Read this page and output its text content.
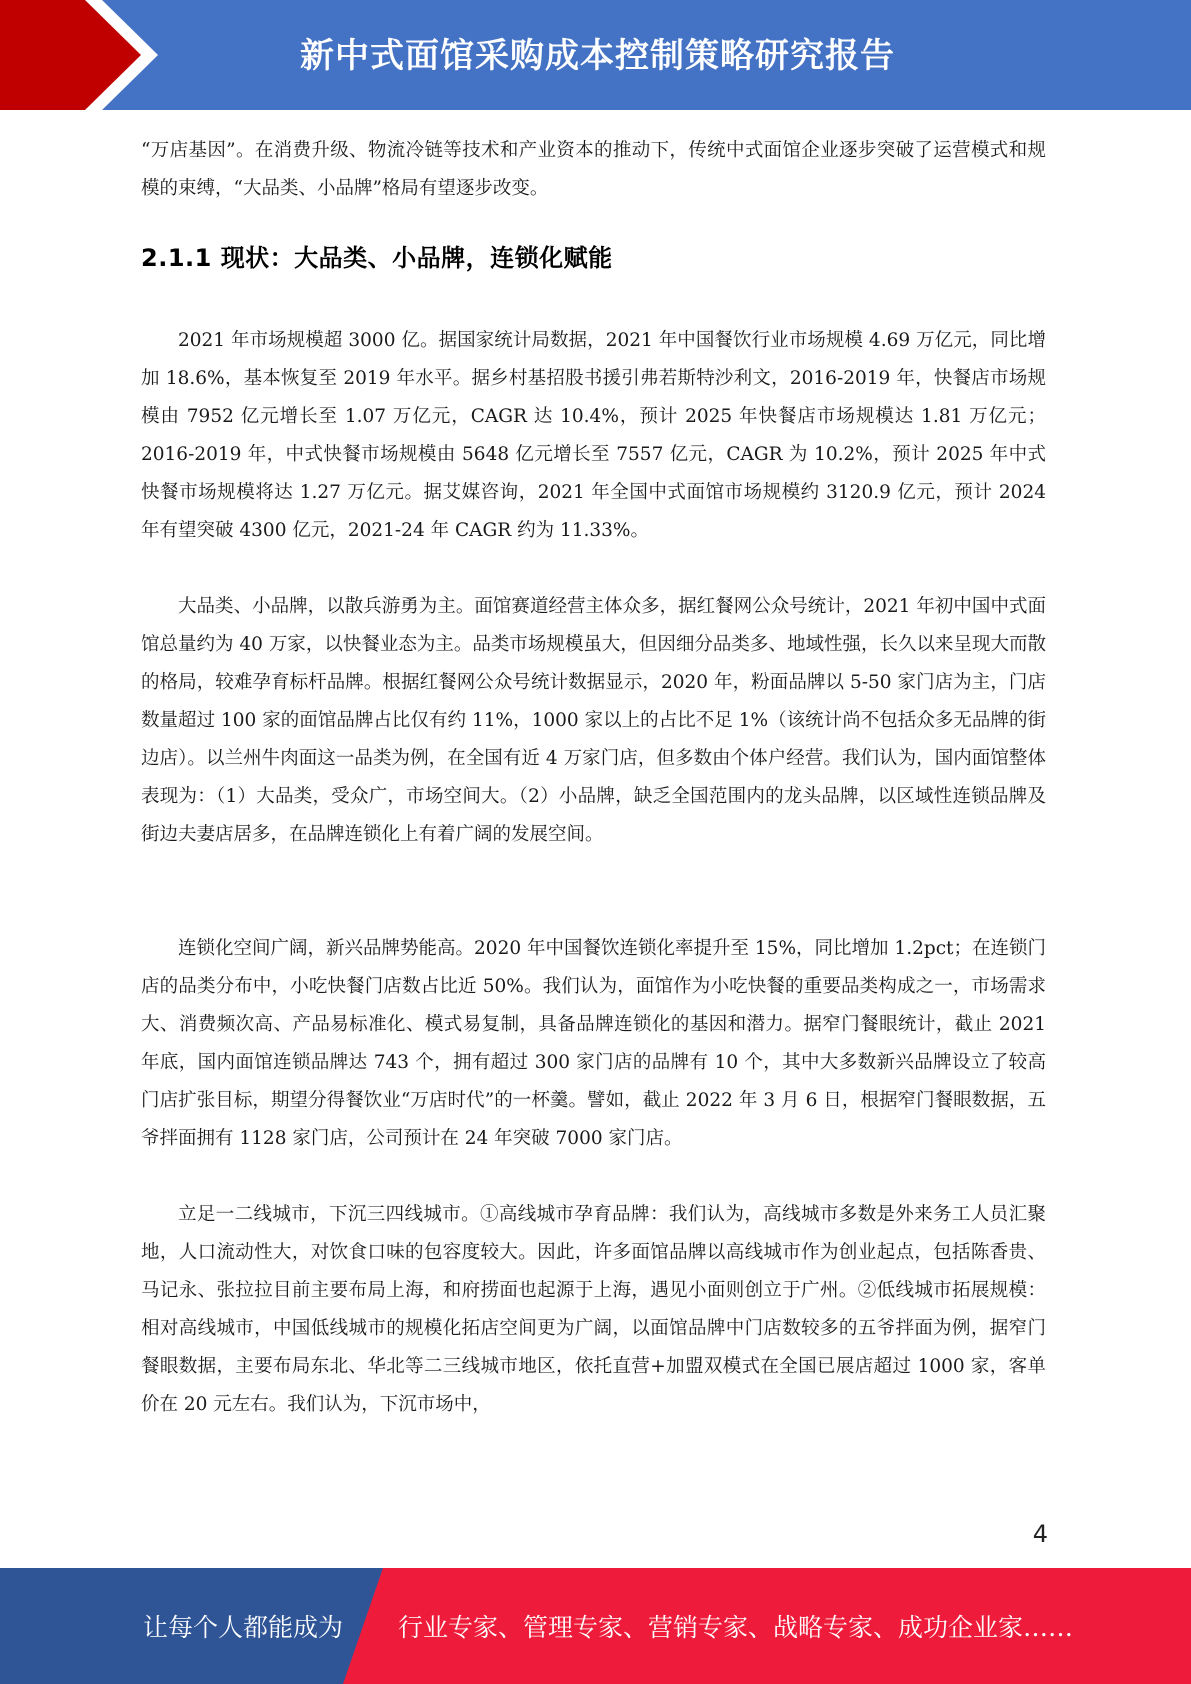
新中式面馆采购成本控制策略研究报告

“万店基因”。在消费升级、物流冷链等技术和产业资本的推动下，传统中式面馆企业逐步突破了运营模式和规模的束缚，“大品类、小品牌”格局有望逐步改变。

2.1.1 现状：大品类、小品牌，连锁化赋能

2021 年市场规模超 3000 亿。据国家统计局数据，2021 年中国餐饮行业市场规模 4.69 万亿元，同比增加 18.6%，基本恢复至 2019 年水平。据乡村基招股书援引弗若斯特沙利文，2016-2019 年，快餐店市场规模由 7952 亿元增长至 1.07 万亿元，CAGR 达 10.4%，预计 2025 年快餐店市场规模达 1.81 万亿元；2016-2019 年，中式快餐市场规模由 5648 亿元增长至 7557 亿元，CAGR 为 10.2%，预计 2025 年中式快餐市场规模将达 1.27 万亿元。据艾媒咨询，2021 年全国中式面馆市场规模约 3120.9 亿元，预计 2024 年有望突破 4300 亿元，2021-24 年 CAGR 约为 11.33%。

大品类、小品牌，以散兵游勇为主。面馆赛道经营主体众多，据红餐网公众号统计，2021 年初中国中式面馆总量约为 40 万家，以快餐业态为主。品类市场规模虽大，但因细分品类多、地域性强，长久以来呈现大而散的格局，较难孕育标杆品牌。根据红餐网公众号统计数据显示，2020 年，粉面品牌以 5-50 家门店为主，门店数量超过 100 家的面馆品牌占比仅有约 11%，1000 家以上的占比不足 1%（该统计尚不包括众多无品牌的街边店）。以兰州牛肉面这一品类为例，在全国有近 4 万家门店，但多数由个体户经营。我们认为，国内面馆整体表现为：（1）大品类，受众广，市场空间大。（2）小品牌，缺乏全国范围内的龙头品牌，以区域性连锁品牌及街边夫妻店居多，在品牌连锁化上有着广阔的发展空间。

连锁化空间广阔，新兴品牌势能高。2020 年中国餐饮连锁化率提升至 15%，同比增加 1.2pct；在连锁门店的品类分布中，小吃快餐门店数占比近 50%。我们认为，面馆作为小吃快餐的重要品类构成之一，市场需求大、消费频次高、产品易标准化、模式易复制，具备品牌连锁化的基因和潜力。据窄门餐眼统计，截止 2021 年底，国内面馆连锁品牌达 743 个，拥有超过 300 家门店的品牌有 10 个，其中大多数新兴品牌设立了较高门店扩张目标，期望分得餐饮业“万店时代”的一杯羹。譬如，截止 2022 年 3 月 6 日，根据窄门餐眼数据，五爷拌面拥有 1128 家门店，公司预计在 24 年突破 7000 家门店。

立足一二线城市，下沉三四线城市。①高线城市孕育品牌：我们认为，高线城市多数是外来务工人员汇聚地，人口流动性大，对饮食口味的包容度较大。因此，许多面馆品牌以高线城市作为创业起点，包括陈香贵、马记永、张拉拉目前主要布局上海，和府捞面也起源于上海，遇见小面则创立于广州。②低线城市拓展规模：相对高线城市，中国低线城市的规模化拓店空间更为广阔，以面馆品牌中门店数较多的五爷拌面为例，据窄门餐眼数据，主要布局东北、华北等二三线城市地区，依托直营+加盟双模式在全国已展店超过 1000 家，客单价在 20 元左右。我们认为，下沉市场中，

4
让每个人都能成为 行业专家、管理专家、营销专家、战略专家、成功企业家……
